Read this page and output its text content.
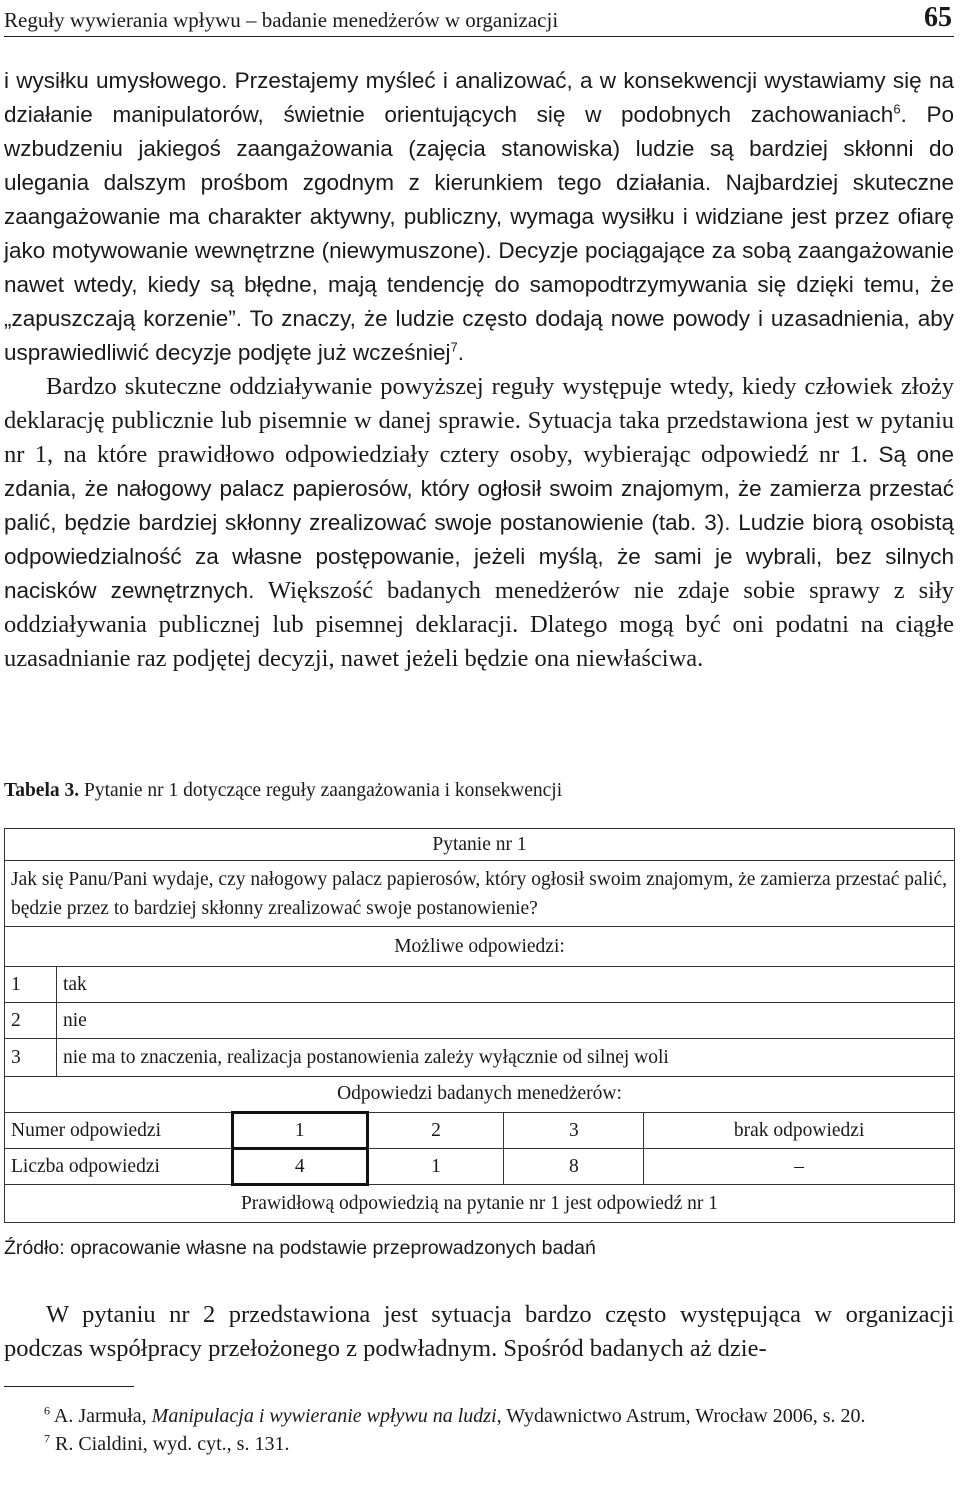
Reguły wywierania wpływu – badanie menedżerów w organizacji	65

i wysiłku umysłowego. Przestajemy myśleć i analizować, a w konsekwencji wystawiamy się na działanie manipulatorów, świetnie orientujących się w podobnych zachowaniach$^6$. Po wzbudzeniu jakiegoś zaangażowania (zajęcia stanowiska) ludzie są bardziej skłonni do ulegania dalszym prośbom zgodnym z kierunkiem tego działania. Najbardziej skuteczne zaangażowanie ma charakter aktywny, publiczny, wymaga wysiłku i widziane jest przez ofiarę jako motywowanie wewnętrzne (niewymuszone). Decyzje pociągające za sobą zaangażowanie nawet wtedy, kiedy są błędne, mają tendencję do samopodtrzymywania się dzięki temu, że „zapuszczają korzenie”. To znaczy, że ludzie często dodają nowe powody i uzasadnienia, aby usprawiedliwić decyzje podjęte już wcześniej$^7$.

Bardzo skuteczne oddziaływanie powyższej reguły występuje wtedy, kiedy człowiek złoży deklarację publicznie lub pisemnie w danej sprawie. Sytuacja taka przedstawiona jest w pytaniu nr 1, na które prawidłowo odpowiedziały cztery osoby, wybierając odpowiedź nr 1. Są one zdania, że nałogowy palacz papierosów, który ogłosił swoim znajomym, że zamierza przestać palić, będzie bardziej skłonny zrealizować swoje postanowienie (tab. 3). Ludzie biorą osobistą odpowiedzialność za własne postępowanie, jeżeli myślą, że sami je wybrali, bez silnych nacisków zewnętrznych. Większość badanych menedżerów nie zdaje sobie sprawy z siły oddziaływania publicznej lub pisemnej deklaracji. Dlatego mogą być oni podatni na ciągłe uzasadnianie raz podjętej decyzji, nawet jeżeli będzie ona niewłaściwa.

Tabela 3. Pytanie nr 1 dotyczące reguły zaangażowania i konsekwencji
Pytanie nr 1					
Jak się Panu/Pani wydaje, czy nałogowy palacz papierosów, który ogłosił swoim znajomym, że zamierza przestać palić, będzie przez to bardziej skłonny zrealizować swoje postanowienie?					
Możliwe odpowiedzi:					
1	tak				
2	nie				
3	nie ma to znaczenia, realizacja postanowienia zależy wyłącznie od silnej woli				
Odpowiedzi badanych menedżerów:					
Numer odpowiedzi		1	2	3	brak odpowiedzi
Liczba odpowiedzi		4	1	8	–
Prawidłową odpowiedzią na pytanie nr 1 jest odpowiedź nr 1					
Źródło: opracowanie własne na podstawie przeprowadzonych badań

W pytaniu nr 2 przedstawiona jest sytuacja bardzo często występująca w organizacji podczas współpracy przełożonego z podwładnym. Spośród badanych aż dzie-

$^6$ A. Jarmuła, Manipulacja i wywieranie wpływu na ludzi, Wydawnictwo Astrum, Wrocław 2006, s. 20.

$^7$ R. Cialdini, wyd. cyt., s. 131.
